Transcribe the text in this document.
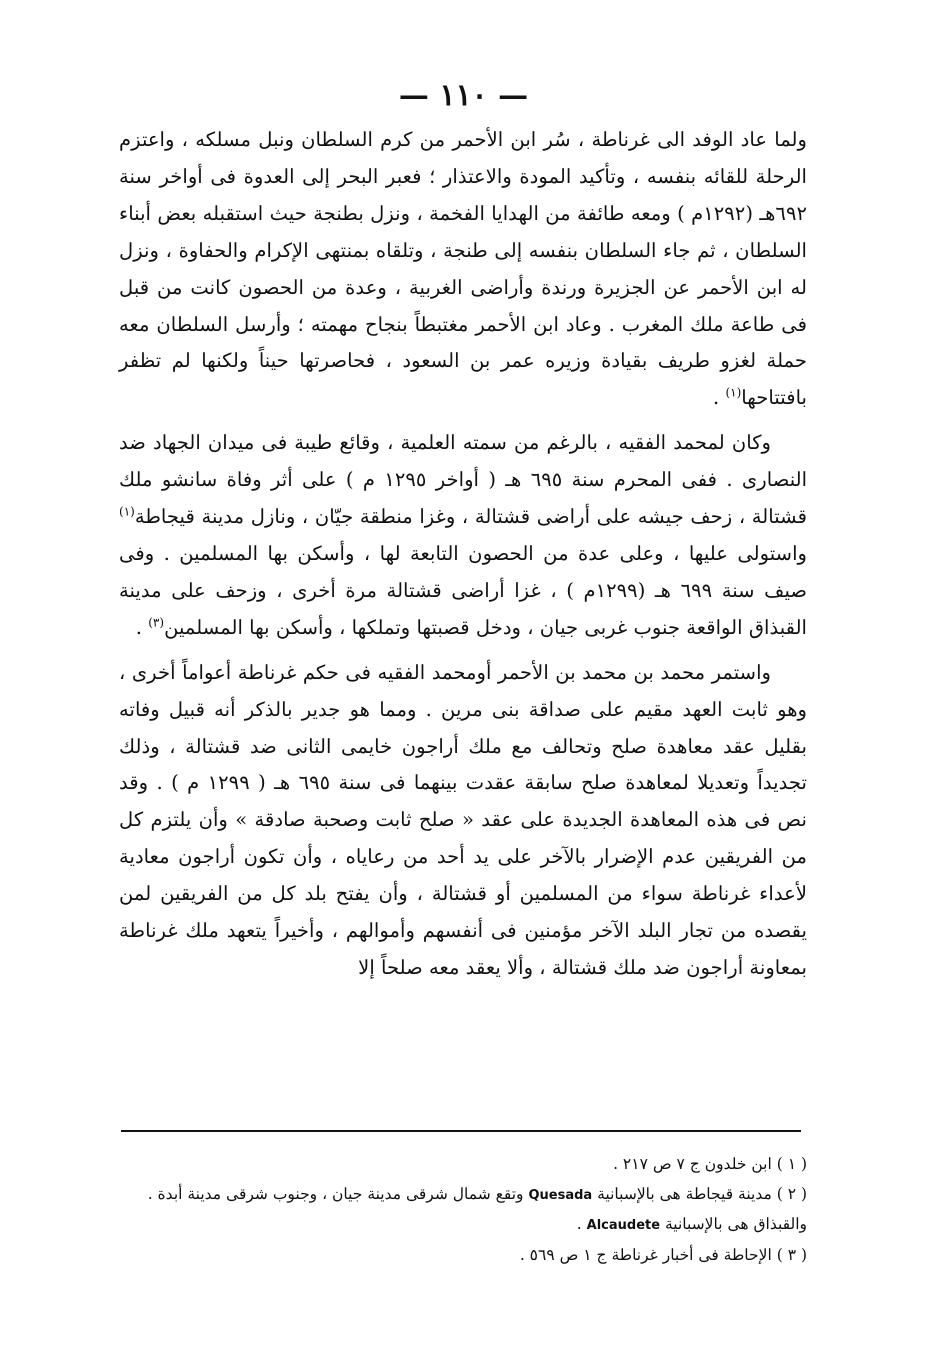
— ١١٠ —

ولما عاد الوفد الى غرناطة ، سُر ابن الأحمر من كرم السلطان ونبل مسلكه ، واعتزم الرحلة للقائه بنفسه ، وتأكيد المودة والاعتذار ؛ فعبر البحر إلى العدوة فى أواخر سنة ٦٩٢هـ (١٢٩٢م ) ومعه طائفة من الهدايا الفخمة ، ونزل بطنجة حيث استقبله بعض أبناء السلطان ، ثم جاء السلطان بنفسه إلى طنجة ، وتلقاه بمنتهى الإكرام والحفاوة ، ونزل له ابن الأحمر عن الجزيرة ورندة وأراضى الغربية ، وعدة من الحصون كانت من قبل فى طاعة ملك المغرب . وعاد ابن الأحمر مغتبطاً بنجاح مهمته ؛ وأرسل السلطان معه حملة لغزو طريف بقيادة وزيره عمر بن السعود ، فحاصرتها حيناً ولكنها لم تظفر بافتتاحها$^{(١)}$ .

وكان لمحمد الفقيه ، بالرغم من سمته العلمية ، وقائع طيبة فى ميدان الجهاد ضد النصارى . ففى المحرم سنة ٦٩٥ هـ ( أواخر ١٢٩٥ م ) على أثر وفاة سانشو ملك قشتالة ، زحف جيشه على أراضى قشتالة ، وغزا منطقة جيّان ، ونازل مدينة قيجاطة$^{(١)}$ واستولى عليها ، وعلى عدة من الحصون التابعة لها ، وأسكن بها المسلمين . وفى صيف سنة ٦٩٩ هـ (١٢٩٩م ) ، غزا أراضى قشتالة مرة أخرى ، وزحف على مدينة القبذاق الواقعة جنوب غربى جيان ، ودخل قصبتها وتملكها ، وأسكن بها المسلمين$^{(٣)}$ .

واستمر محمد بن محمد بن الأحمر أومحمد الفقيه فى حكم غرناطة أعواماً أخرى ، وهو ثابت العهد مقيم على صداقة بنى مرين . ومما هو جدير بالذكر أنه قبيل وفاته بقليل عقد معاهدة صلح وتحالف مع ملك أراجون خايمى الثانى ضد قشتالة ، وذلك تجديداً وتعديلا لمعاهدة صلح سابقة عقدت بينهما فى سنة ٦٩٥ هـ ( ١٢٩٩ م ) . وقد نص فى هذه المعاهدة الجديدة على عقد « صلح ثابت وصحبة صادقة » وأن يلتزم كل من الفريقين عدم الإضرار بالآخر على يد أحد من رعاياه ، وأن تكون أراجون معادية لأعداء غرناطة سواء من المسلمين أو قشتالة ، وأن يفتح بلد كل من الفريقين لمن يقصده من تجار البلد الآخر مؤمنين فى أنفسهم وأموالهم ، وأخيراً يتعهد ملك غرناطة بمعاونة أراجون ضد ملك قشتالة ، وألا يعقد معه صلحاً إلا

( ١ ) ابن خلدون ج ٧ ص ٢١٧ .

( ٢ ) مدينة قيجاطة هى بالإسبانية Quesada وتقع شمال شرقى مدينة جيان ، وجنوب شرقى مدينة أبدة . والقبذاق هى بالإسبانية Alcaudete .

( ٣ ) الإحاطة فى أخبار غرناطة ج ١ ص ٥٦٩ .
